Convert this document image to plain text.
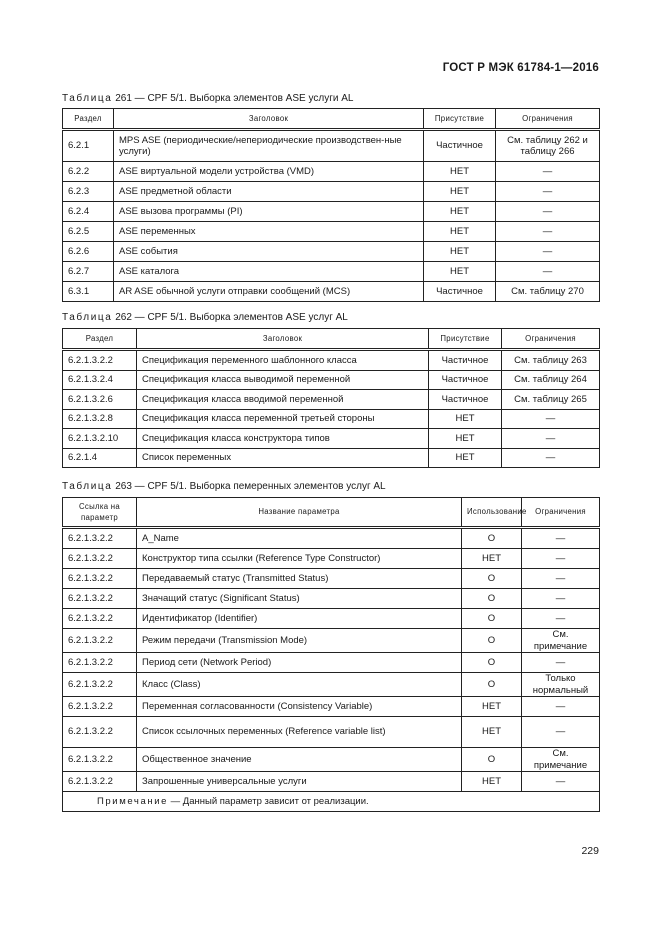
ГОСТ Р МЭК 61784-1—2016
Таблица 261 — CPF 5/1. Выборка элементов ASE услуги AL
Раздел	Заголовок	Присутствие	Ограничения

6.2.1	MPS ASE (периодические/непериодические производствен-ные услуги)	Частичное	См. таблицу 262 и таблицу 266
6.2.2	ASE виртуальной модели устройства (VMD)	НЕТ	—
6.2.3	ASE предметной области	НЕТ	—
6.2.4	ASE вызова программы (PI)	НЕТ	—
6.2.5	ASE переменных	НЕТ	—
6.2.6	ASE события	НЕТ	—
6.2.7	ASE каталога	НЕТ	—
6.3.1	AR ASE обычной услуги отправки сообщений (MCS)	Частичное	См. таблицу 270
Таблица 262 — CPF 5/1. Выборка элементов ASE услуг AL
Раздел	Заголовок	Присутствие	Ограничения

6.2.1.3.2.2	Спецификация переменного шаблонного класса	Частичное	См. таблицу 263
6.2.1.3.2.4	Спецификация класса выводимой переменной	Частичное	См. таблицу 264
6.2.1.3.2.6	Спецификация класса вводимой переменной	Частичное	См. таблицу 265
6.2.1.3.2.8	Спецификация класса переменной третьей стороны	НЕТ	—
6.2.1.3.2.10	Спецификация класса конструктора типов	НЕТ	—
6.2.1.4	Список переменных	НЕТ	—
Таблица 263 — CPF 5/1. Выборка пемеренных элементов услуг AL
Ссылка на параметр	Название параметра	Использование	Ограничения

6.2.1.3.2.2	A_Name	O	—
6.2.1.3.2.2	Конструктор типа ссылки (Reference Type Constructor)	НЕТ	—
6.2.1.3.2.2	Передаваемый статус (Transmitted Status)	O	—
6.2.1.3.2.2	Значащий статус (Significant Status)	O	—
6.2.1.3.2.2	Идентификатор (Identifier)	O	—
6.2.1.3.2.2	Режим передачи (Transmission Mode)	O	См. примечание
6.2.1.3.2.2	Период сети (Network Period)	O	—
6.2.1.3.2.2	Класс (Class)	O	Только нормальный
6.2.1.3.2.2	Переменная согласованности (Consistency Variable)	НЕТ	—
6.2.1.3.2.2	Список ссылочных переменных (Reference variable list)	НЕТ	—
6.2.1.3.2.2	Общественное значение	O	См. примечание
6.2.1.3.2.2	Запрошенные универсальные услуги	НЕТ	—
Примечание — Данный параметр зависит от реализации.			
229
